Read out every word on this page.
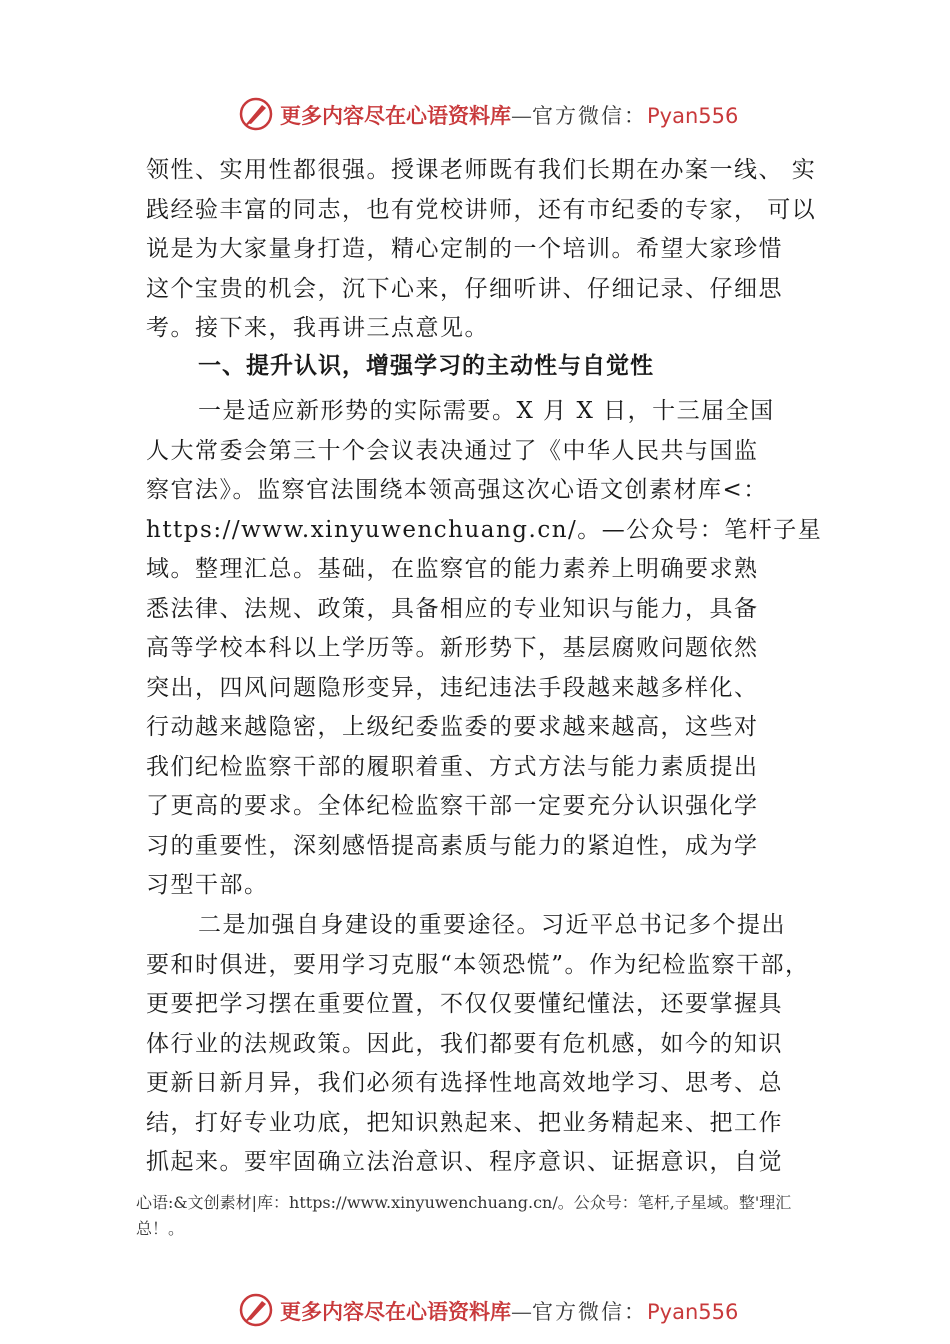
更多内容尽在心语资料库—官方微信：Pyan556
领性、实用性都很强。授课老师既有我们长期在办案一线、 实
践经验丰富的同志，也有党校讲师，还有市纪委的专家， 可以
说是为大家量身打造，精心定制的一个培训。希望大家珍惜
这个宝贵的机会，沉下心来，仔细听讲、仔细记录、仔细思
考。接下来，我再讲三点意见。
一、提升认识，增强学习的主动性与自觉性
一是适应新形势的实际需要。X 月 X 日，十三届全国
人大常委会第三十个会议表决通过了《中华人民共与国监
察官法》。监察官法围绕本领高强这次心语文创素材库<：
https://www.xinyuwenchuang.cn/。—公众号：笔杆子星
域。整理汇总。基础，在监察官的能力素养上明确要求熟
悉法律、法规、政策，具备相应的专业知识与能力，具备
高等学校本科以上学历等。新形势下，基层腐败问题依然
突出，四风问题隐形变异，违纪违法手段越来越多样化、
行动越来越隐密，上级纪委监委的要求越来越高，这些对
我们纪检监察干部的履职着重、方式方法与能力素质提出
了更高的要求。全体纪检监察干部一定要充分认识强化学
习的重要性，深刻感悟提高素质与能力的紧迫性，成为学
习型干部。
二是加强自身建设的重要途径。习近平总书记多个提出
要和时俱进，要用学习克服“本领恐慌”。作为纪检监察干部，
更要把学习摆在重要位置，不仅仅要懂纪懂法，还要掌握具
体行业的法规政策。因此，我们都要有危机感，如今的知识
更新日新月异，我们必须有选择性地高效地学习、思考、总
结，打好专业功底，把知识熟起来、把业务精起来、把工作
抓起来。要牢固确立法治意识、程序意识、证据意识，自觉
心语:&文创素材|库：https://www.xinyuwenchuang.cn/。公众号：笔杆,子星域。整'理汇
总！。
更多内容尽在心语资料库—官方微信：Pyan556
